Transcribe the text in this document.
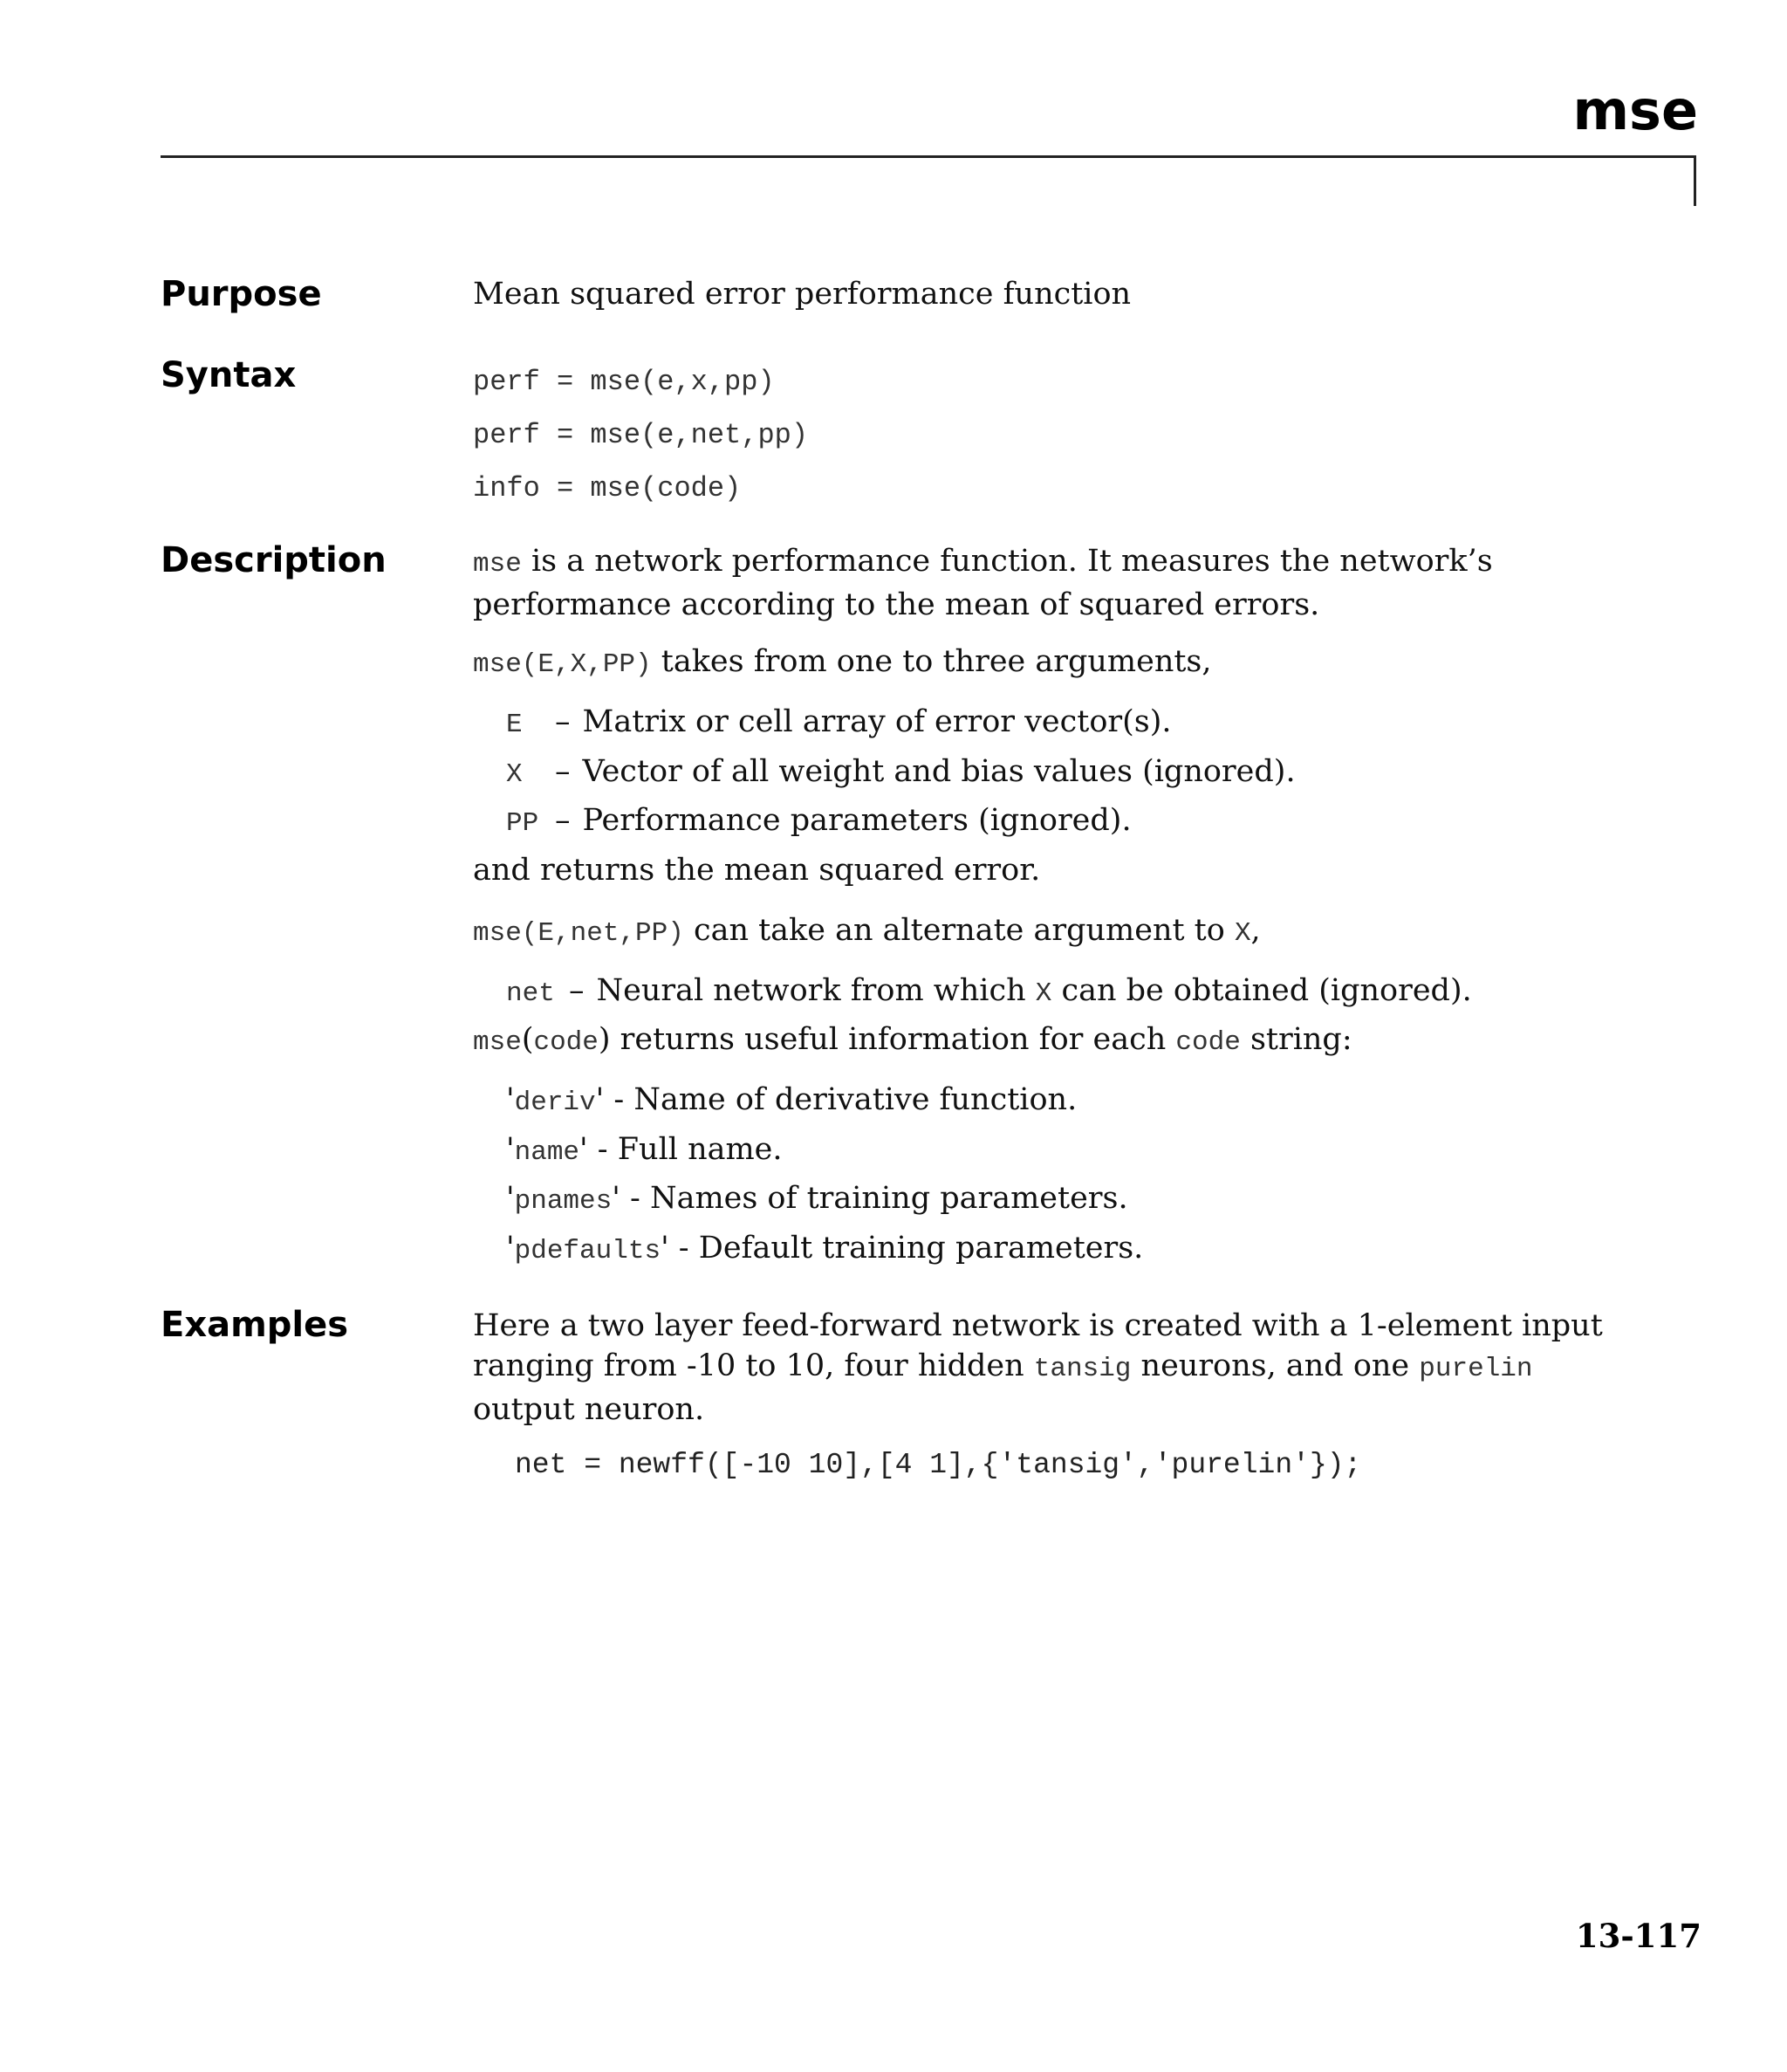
mse
Purpose	Mean squared error performance function
Syntax	perf = mse(e,x,pp)
perf = mse(e,net,pp)
info = mse(code)
Description	mse is a network performance function. It measures the network’s performance according to the mean of squared errors.
mse(E,X,PP) takes from one to three arguments,
E – Matrix or cell array of error vector(s).
X – Vector of all weight and bias values (ignored).
PP – Performance parameters (ignored).
and returns the mean squared error.
mse(E,net,PP) can take an alternate argument to X,
net – Neural network from which X can be obtained (ignored).
mse(code) returns useful information for each code string:
'deriv' - Name of derivative function.
'name' - Full name.
'pnames' - Names of training parameters.
'pdefaults' - Default training parameters.
Examples	Here a two layer feed-forward network is created with a 1-element input ranging from -10 to 10, four hidden tansig neurons, and one purelin output neuron.
net = newff([-10 10],[4 1],{'tansig','purelin'});
13-117
